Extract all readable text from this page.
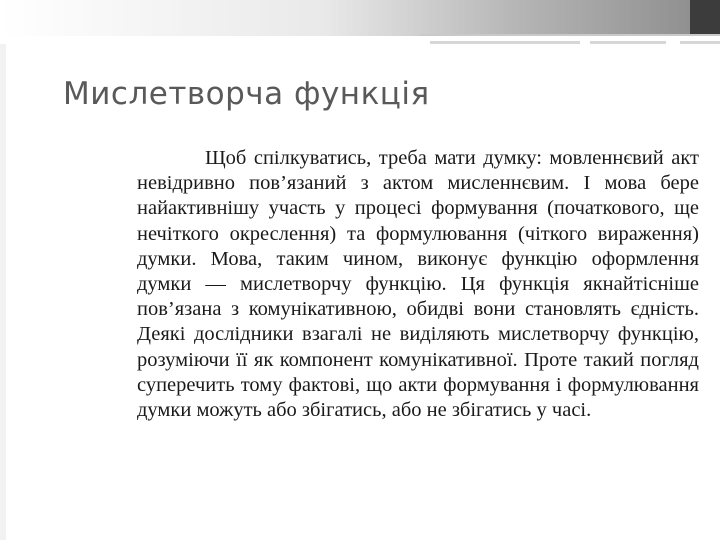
Мислетворча функція
Щоб спілкуватись, треба мати думку: мовленнєвий акт невідривно пов’язаний з актом мисленнєвим. І мова бере найактивнішу участь у процесі формування (початкового, ще нечіткого окреслення) та формулювання (чіткого вираження) думки. Мова, таким чином, виконує функцію оформлення думки — мислетворчу функцію. Ця функція якнайтісніше пов’язана з комунікативною, обидві вони становлять єдність. Деякі дослідники взагалі не виділяють мислетворчу функцію, розуміючи її як компонент комунікативної. Проте такий погляд суперечить тому фактові, що акти формування і формулювання думки можуть або збігатись, або не збігатись у часі.
